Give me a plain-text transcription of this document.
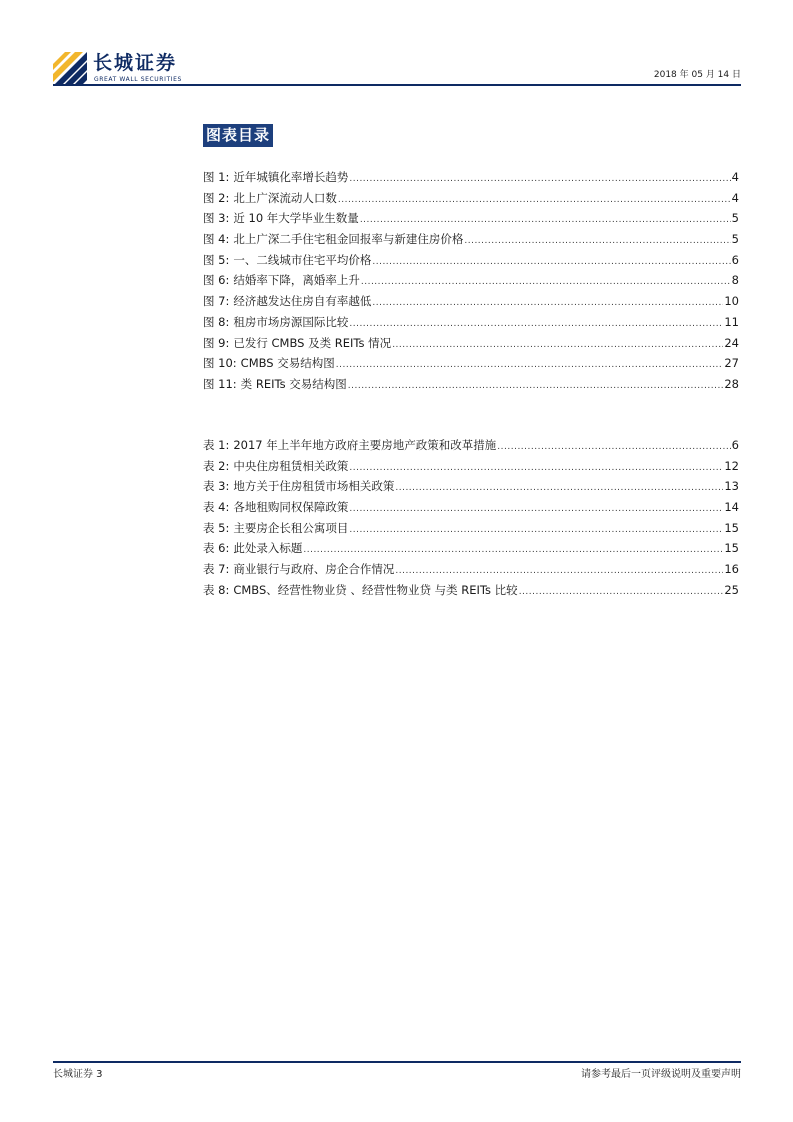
长城证券
GREAT WALL SECURITIES	2018 年 05 月 14 日
图表目录
图 1: 近年城镇化率增长趋势 .....	4
图 2: 北上广深流动人口数 .....	4
图 3: 近 10 年大学毕业生数量 .....	5
图 4: 北上广深二手住宅租金回报率与新建住房价格 .....	5
图 5: 一、二线城市住宅平均价格 .....	6
图 6: 结婚率下降，离婚率上升 .....	8
图 7: 经济越发达住房自有率越低 .....	10
图 8: 租房市场房源国际比较 .....	11
图 9: 已发行 CMBS 及类 REITs 情况 .....	24
图 10: CMBS 交易结构图 .....	27
图 11: 类 REITs 交易结构图 .....	28
表 1: 2017 年上半年地方政府主要房地产政策和改革措施 .....	6
表 2: 中央住房租赁相关政策 .....	12
表 3: 地方关于住房租赁市场相关政策 .....	13
表 4: 各地租购同权保障政策 .....	14
表 5: 主要房企长租公寓项目 .....	15
表 6: 此处录入标题 .....	15
表 7: 商业银行与政府、房企合作情况 .....	16
表 8: CMBS、经营性物业贷 、经营性物业贷 与类 REITs 比较 .....	25
长城证券 3	请参考最后一页评级说明及重要声明
